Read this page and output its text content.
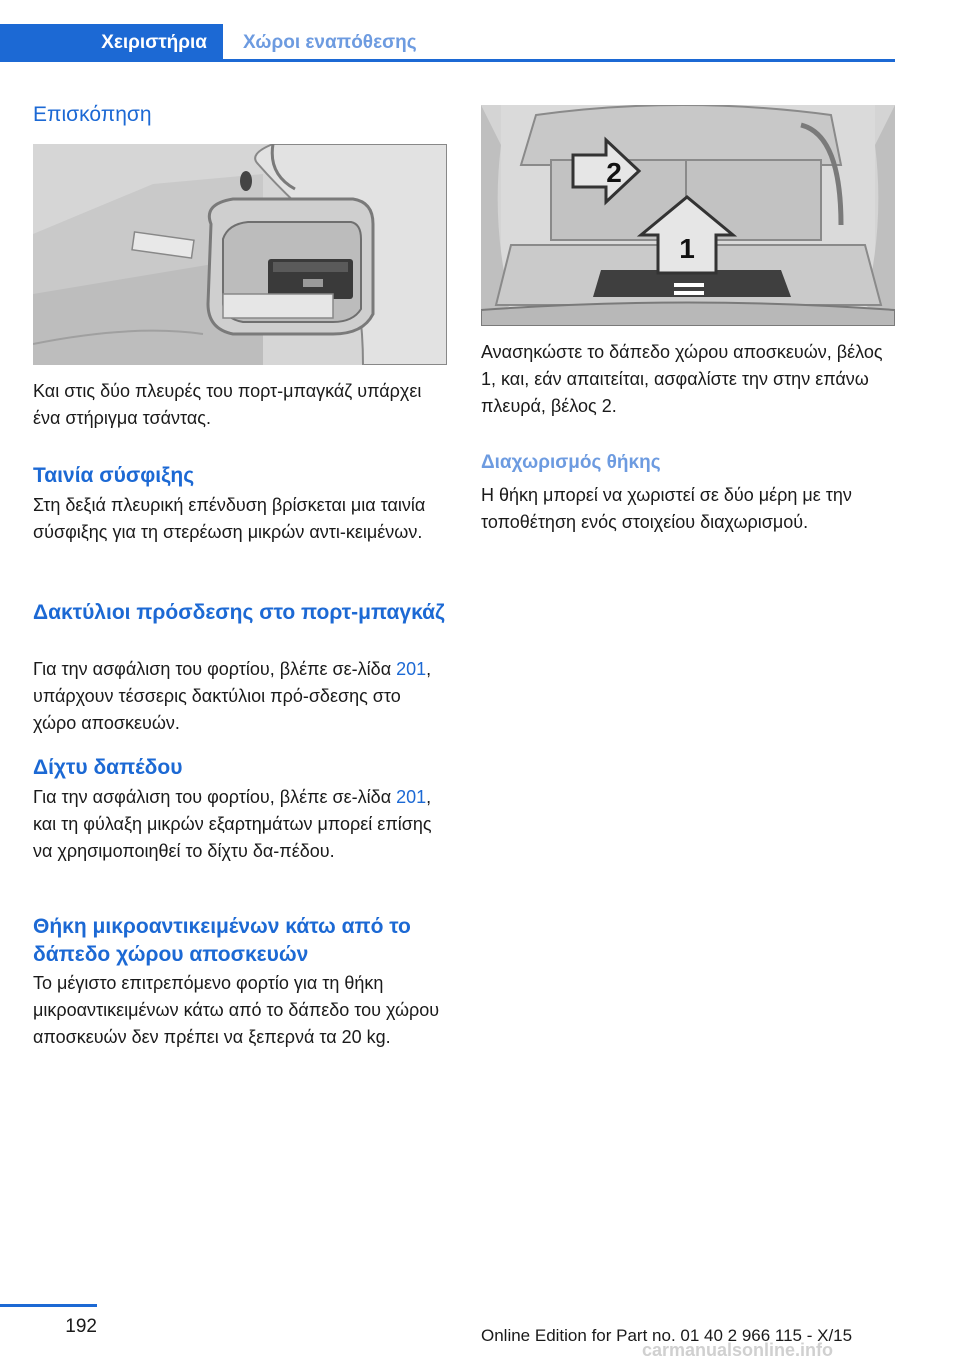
Χειριστήρια	Χώροι εναπόθεσης
Επισκόπηση

Και στις δύο πλευρές του πορτ-μπαγκάζ υπάρχει ένα στήριγμα τσάντας.

Ταινία σύσφιξης

Στη δεξιά πλευρική επένδυση βρίσκεται μια ταινία σύσφιξης για τη στερέωση μικρών αντι-κειμένων.

Δακτύλιοι πρόσδεσης στο πορτ-μπαγκάζ

Για την ασφάλιση του φορτίου, βλέπε σε-λίδα 201, υπάρχουν τέσσερις δακτύλιοι πρό-σδεσης στο χώρο αποσκευών.

Δίχτυ δαπέδου

Για την ασφάλιση του φορτίου, βλέπε σε-λίδα 201, και τη φύλαξη μικρών εξαρτημάτων μπορεί επίσης να χρησιμοποιηθεί το δίχτυ δα-πέδου.

Θήκη μικροαντικειμένων κάτω από το δάπεδο χώρου αποσκευών

Το μέγιστο επιτρεπόμενο φορτίο για τη θήκη μικροαντικειμένων κάτω από το δάπεδο του χώρου αποσκευών δεν πρέπει να ξεπερνά τα 20 kg.

1
2

Ανασηκώστε το δάπεδο χώρου αποσκευών, βέλος 1, και, εάν απαιτείται, ασφαλίστε την στην επάνω πλευρά, βέλος 2.

Διαχωρισμός θήκης

Η θήκη μπορεί να χωριστεί σε δύο μέρη με την τοποθέτηση ενός στοιχείου διαχωρισμού.

192	Online Edition for Part no. 01 40 2 966 115 - X/15
carmanualsonline.info
